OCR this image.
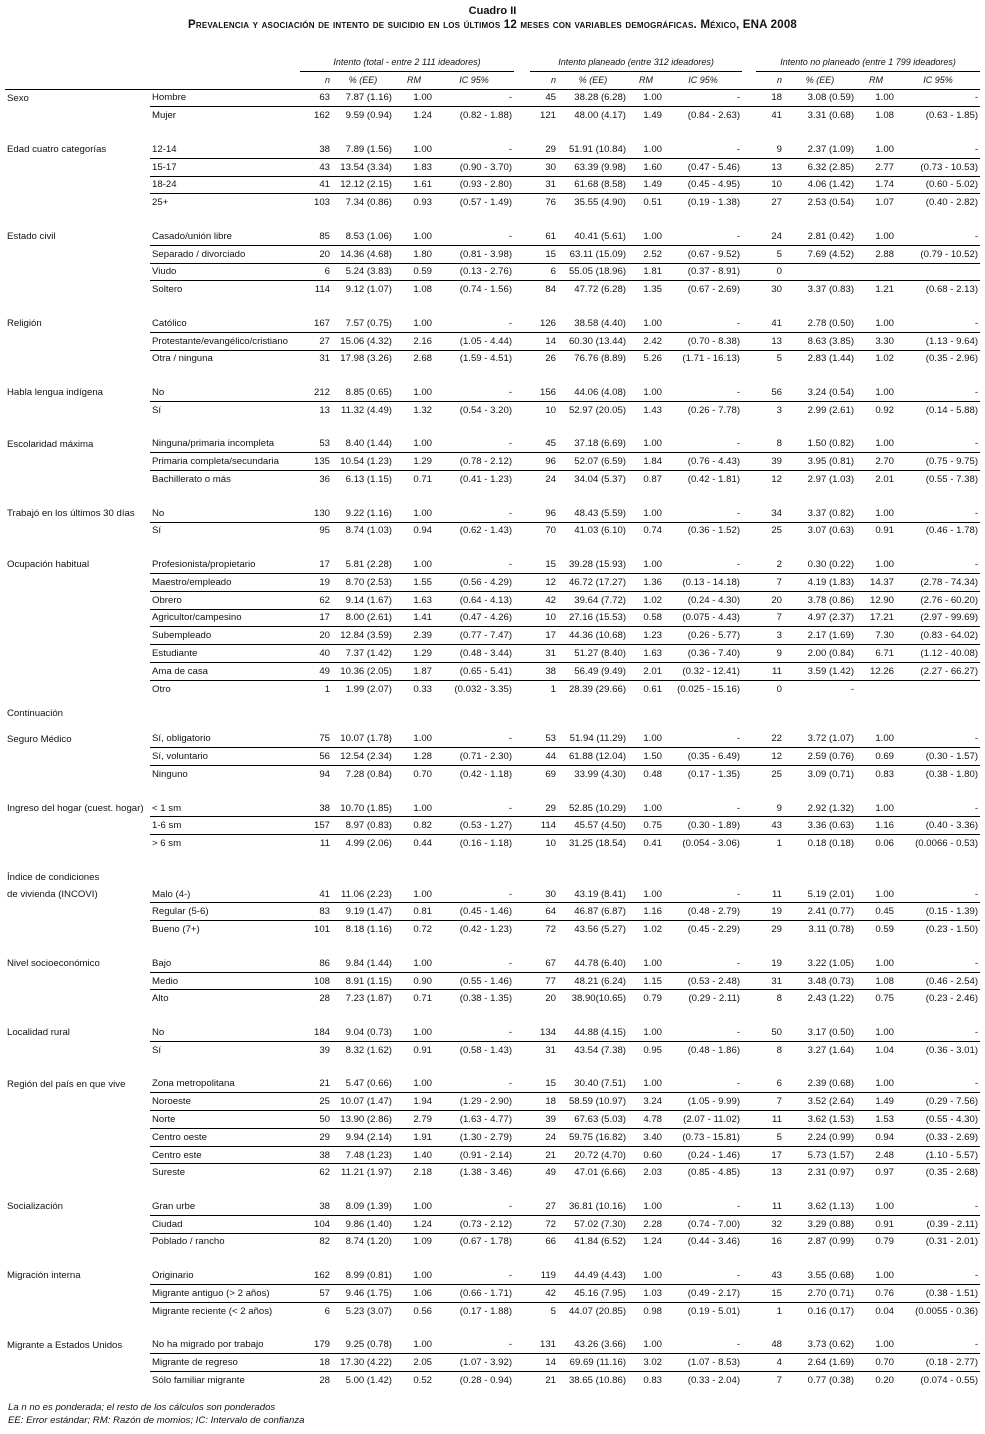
Cuadro II
Prevalencia y asociación de intento de suicidio en los últimos 12 meses con variables demográficas. México, ENA 2008
		Intento (total - entre 2 111 ideadores)					Intento planeado (entre 312 ideadores)					Intento no planeado (entre 1 799 ideadores)			
		n	% (EE)	RM	IC 95%		n	% (EE)	RM	IC 95%		n	% (EE)	RM	IC 95%
Sexo	Hombre	63	7.87 (1.16)	1.00	-		45	38.28 (6.28)	1.00	-		18	3.08 (0.59)	1.00	-
	Mujer	162	9.59 (0.94)	1.24	(0.82 - 1.88)		121	48.00 (4.17)	1.49	(0.84 - 2.63)		41	3.31 (0.68)	1.08	(0.63 - 1.85)

Edad cuatro categorías	12-14	38	7.89 (1.56)	1.00	-		29	51.91 (10.84)	1.00	-		9	2.37 (1.09)	1.00	-
	15-17	43	13.54 (3.34)	1.83	(0.90 - 3.70)		30	63.39 (9.98)	1.60	(0.47 - 5.46)		13	6.32 (2.85)	2.77	(0.73 - 10.53)
	18-24	41	12.12 (2.15)	1.61	(0.93 - 2.80)		31	61.68 (8.58)	1.49	(0.45 - 4.95)		10	4.06 (1.42)	1.74	(0.60 - 5.02)
	25+	103	7.34 (0.86)	0.93	(0.57 - 1.49)		76	35.55 (4.90)	0.51	(0.19 - 1.38)		27	2.53 (0.54)	1.07	(0.40 - 2.82)

Estado civil	Casado/unión libre	85	8.53 (1.06)	1.00	-		61	40.41 (5.61)	1.00	-		24	2.81 (0.42)	1.00	-
	Separado / divorciado	20	14.36 (4.68)	1.80	(0.81 - 3.98)		15	63.11 (15.09)	2.52	(0.67 - 9.52)		5	7.69 (4.52)	2.88	(0.79 - 10.52)
	Viudo	6	5.24 (3.83)	0.59	(0.13 - 2.76)		6	55.05 (18.96)	1.81	(0.37 - 8.91)		0			
	Soltero	114	9.12 (1.07)	1.08	(0.74 - 1.56)		84	47.72 (6.28)	1.35	(0.67 - 2.69)		30	3.37 (0.83)	1.21	(0.68 - 2.13)

Religión	Católico	167	7.57 (0.75)	1.00	-		126	38.58 (4.40)	1.00	-		41	2.78 (0.50)	1.00	-
	Protestante/evangélico/cristiano	27	15.06 (4.32)	2.16	(1.05 - 4.44)		14	60.30 (13.44)	2.42	(0.70 - 8.38)		13	8.63 (3.85)	3.30	(1.13 - 9.64)
	Otra / ninguna	31	17.98 (3.26)	2.68	(1.59 - 4.51)		26	76.76 (8.89)	5.26	(1.71 - 16.13)		5	2.83 (1.44)	1.02	(0.35 - 2.96)

Habla lengua indígena	No	212	8.85 (0.65)	1.00	-		156	44.06 (4.08)	1.00	-		56	3.24 (0.54)	1.00	-
	Sí	13	11.32 (4.49)	1.32	(0.54 - 3.20)		10	52.97 (20.05)	1.43	(0.26 - 7.78)		3	2.99 (2.61)	0.92	(0.14 - 5.88)

Escolaridad máxima	Ninguna/primaria incompleta	53	8.40 (1.44)	1.00	-		45	37.18 (6.69)	1.00	-		8	1.50 (0.82)	1.00	-
	Primaria completa/secundaria	135	10.54 (1.23)	1.29	(0.78 - 2.12)		96	52.07 (6.59)	1.84	(0.76 - 4.43)		39	3.95 (0.81)	2.70	(0.75 - 9.75)
	Bachillerato o más	36	6.13 (1.15)	0.71	(0.41 - 1.23)		24	34.04 (5.37)	0.87	(0.42 - 1.81)		12	2.97 (1.03)	2.01	(0.55 - 7.38)

Trabajó en los últimos 30 días	No	130	9.22 (1.16)	1.00	-		96	48.43 (5.59)	1.00	-		34	3.37 (0.82)	1.00	-
	Sí	95	8.74 (1.03)	0.94	(0.62 - 1.43)		70	41.03 (6.10)	0.74	(0.36 - 1.52)		25	3.07 (0.63)	0.91	(0.46 - 1.78)

Ocupación habitual	Profesionista/propietario	17	5.81 (2.28)	1.00	-		15	39.28 (15.93)	1.00	-		2	0.30 (0.22)	1.00	-
	Maestro/empleado	19	8.70 (2.53)	1.55	(0.56 - 4.29)		12	46.72 (17.27)	1.36	(0.13 - 14.18)		7	4.19 (1.83)	14.37	(2.78 - 74.34)
	Obrero	62	9.14 (1.67)	1.63	(0.64 - 4.13)		42	39.64 (7.72)	1.02	(0.24 - 4.30)		20	3.78 (0.86)	12.90	(2.76 - 60.20)
	Agricultor/campesino	17	8.00 (2.61)	1.41	(0.47 - 4.26)		10	27.16 (15.53)	0.58	(0.075 - 4.43)		7	4.97 (2.37)	17.21	(2.97 - 99.69)
	Subempleado	20	12.84 (3.59)	2.39	(0.77 - 7.47)		17	44.36 (10.68)	1.23	(0.26 - 5.77)		3	2.17 (1.69)	7.30	(0.83 - 64.02)
	Estudiante	40	7.37 (1.42)	1.29	(0.48 - 3.44)		31	51.27 (8.40)	1.63	(0.36 - 7.40)		9	2.00 (0.84)	6.71	(1.12 - 40.08)
	Ama de casa	49	10.36 (2.05)	1.87	(0.65 - 5.41)		38	56.49 (9.49)	2.01	(0.32 - 12.41)		11	3.59 (1.42)	12.26	(2.27 - 66.27)
	Otro	1	1.99 (2.07)	0.33	(0.032 - 3.35)		1	28.39 (29.66)	0.61	(0.025 - 15.16)		0	-		
Continuación															
Seguro Médico	Sí, obligatorio	75	10.07 (1.78)	1.00	-		53	51.94 (11.29)	1.00	-		22	3.72 (1.07)	1.00	-
	Sí, voluntario	56	12.54 (2.34)	1.28	(0.71 - 2.30)		44	61.88 (12.04)	1.50	(0.35 - 6.49)		12	2.59 (0.76)	0.69	(0.30 - 1.57)
	Ninguno	94	7.28 (0.84)	0.70	(0.42 - 1.18)		69	33.99 (4.30)	0.48	(0.17 - 1.35)		25	3.09 (0.71)	0.83	(0.38 - 1.80)

Ingreso del hogar (cuest. hogar)	< 1 sm	38	10.70 (1.85)	1.00	-		29	52.85 (10.29)	1.00	-		9	2.92 (1.32)	1.00	-
	1-6 sm	157	8.97 (0.83)	0.82	(0.53 - 1.27)		114	45.57 (4.50)	0.75	(0.30 - 1.89)		43	3.36 (0.63)	1.16	(0.40 - 3.36)
	> 6 sm	11	4.99 (2.06)	0.44	(0.16 - 1.18)		10	31.25 (18.54)	0.41	(0.054 - 3.06)		1	0.18 (0.18)	0.06	(0.0066 - 0.53)

Índice de condiciones															
de vivienda (INCOVI)	Malo (4-)	41	11.06 (2.23)	1.00	-		30	43.19 (8.41)	1.00	-		11	5.19 (2.01)	1.00	-
	Regular (5-6)	83	9.19 (1.47)	0.81	(0.45 - 1.46)		64	46.87 (6.87)	1.16	(0.48 - 2.79)		19	2.41 (0.77)	0.45	(0.15 - 1.39)
	Bueno (7+)	101	8.18 (1.16)	0.72	(0.42 - 1.23)		72	43.56 (5.27)	1.02	(0.45 - 2.29)		29	3.11 (0.78)	0.59	(0.23 - 1.50)

Nivel socioeconómico	Bajo	86	9.84 (1.44)	1.00	-		67	44.78 (6.40)	1.00	-		19	3.22 (1.05)	1.00	-
	Medio	108	8.91 (1.15)	0.90	(0.55 - 1.46)		77	48.21 (6.24)	1.15	(0.53 - 2.48)		31	3.48 (0.73)	1.08	(0.46 - 2.54)
	Alto	28	7.23 (1.87)	0.71	(0.38 - 1.35)		20	38.90(10.65)	0.79	(0.29 - 2.11)		8	2.43 (1.22)	0.75	(0.23 - 2.46)

Localidad rural	No	184	9.04 (0.73)	1.00	-		134	44.88 (4.15)	1.00	-		50	3.17 (0.50)	1.00	-
	Sí	39	8.32 (1.62)	0.91	(0.58 - 1.43)		31	43.54 (7.38)	0.95	(0.48 - 1.86)		8	3.27 (1.64)	1.04	(0.36 - 3.01)

Región del país en que vive	Zona metropolitana	21	5.47 (0.66)	1.00	-		15	30.40 (7.51)	1.00	-		6	2.39 (0.68)	1.00	-
	Noroeste	25	10.07 (1.47)	1.94	(1.29 - 2.90)		18	58.59 (10.97)	3.24	(1.05 - 9.99)		7	3.52 (2.64)	1.49	(0.29 - 7.56)
	Norte	50	13.90 (2.86)	2.79	(1.63 - 4.77)		39	67.63 (5.03)	4.78	(2.07 - 11.02)		11	3.62 (1.53)	1.53	(0.55 - 4.30)
	Centro oeste	29	9.94 (2.14)	1.91	(1.30 - 2.79)		24	59.75 (16.82)	3.40	(0.73 - 15.81)		5	2.24 (0.99)	0.94	(0.33 - 2.69)
	Centro este	38	7.48 (1.23)	1.40	(0.91 - 2.14)		21	20.72 (4.70)	0.60	(0.24 - 1.46)		17	5.73 (1.57)	2.48	(1.10 - 5.57)
	Sureste	62	11.21 (1.97)	2.18	(1.38 - 3.46)		49	47.01 (6.66)	2.03	(0.85 - 4.85)		13	2.31 (0.97)	0.97	(0.35 - 2.68)

Socialización	Gran urbe	38	8.09 (1.39)	1.00	-		27	36.81 (10.16)	1.00	-		11	3.62 (1.13)	1.00	-
	Ciudad	104	9.86 (1.40)	1.24	(0.73 - 2.12)		72	57.02 (7.30)	2.28	(0.74 - 7.00)		32	3.29 (0.88)	0.91	(0.39 - 2.11)
	Poblado / rancho	82	8.74 (1.20)	1.09	(0.67 - 1.78)		66	41.84 (6.52)	1.24	(0.44 - 3.46)		16	2.87 (0.99)	0.79	(0.31 - 2.01)

Migración interna	Originario	162	8.99 (0.81)	1.00	-		119	44.49 (4.43)	1.00	-		43	3.55 (0.68)	1.00	-
	Migrante antiguo (> 2 años)	57	9.46 (1.75)	1.06	(0.66 - 1.71)		42	45.16 (7.95)	1.03	(0.49 - 2.17)		15	2.70 (0.71)	0.76	(0.38 - 1.51)
	Migrante reciente (< 2 años)	6	5.23 (3.07)	0.56	(0.17 - 1.88)		5	44.07 (20.85)	0.98	(0.19 - 5.01)		1	0.16 (0.17)	0.04	(0.0055 - 0.36)

Migrante a Estados Unidos	No ha migrado por trabajo	179	9.25 (0.78)	1.00	-		131	43.26 (3.66)	1.00	-		48	3.73 (0.62)	1.00	-
	Migrante de regreso	18	17.30 (4.22)	2.05	(1.07 - 3.92)		14	69.69 (11.16)	3.02	(1.07 - 8.53)		4	2.64 (1.69)	0.70	(0.18 - 2.77)
	Sólo familiar migrante	28	5.00 (1.42)	0.52	(0.28 - 0.94)		21	38.65 (10.86)	0.83	(0.33 - 2.04)		7	0.77 (0.38)	0.20	(0.074 - 0.55)
La n no es ponderada; el resto de los cálculos son ponderados
EE: Error estándar; RM: Razón de momios; IC: Intervalo de confianza
